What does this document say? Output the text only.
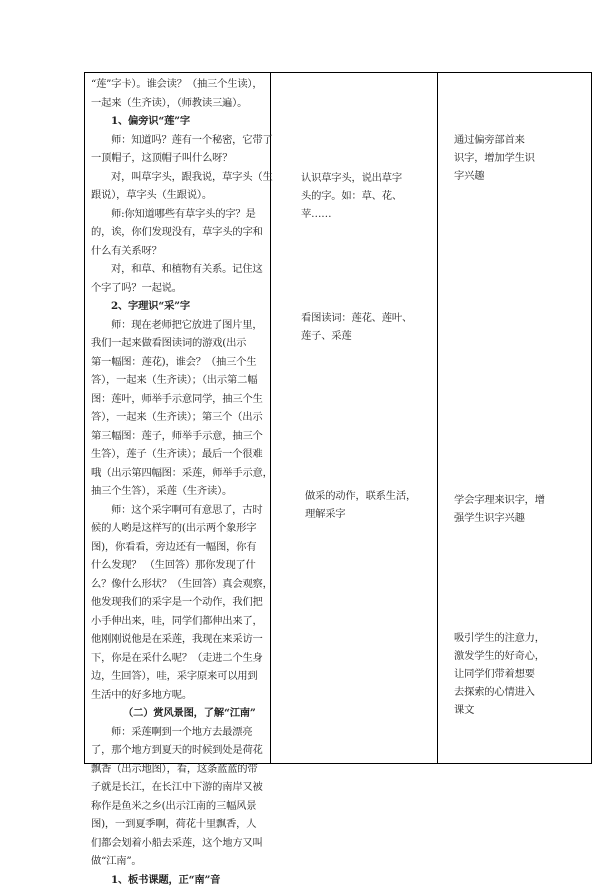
“莲”字卡）。谁会读？（抽三个生读），
一起来（生齐读），（师教读三遍）。
1、偏旁识“莲”字
师：知道吗？莲有一个秘密，它带了
一顶帽子，这顶帽子叫什么呀？
对，叫草字头，跟我说，草字头（生
跟说），草字头（生跟说）。
师:你知道哪些有草字头的字？是
的，诶，你们发现没有，草字头的字和
什么有关系呀？
对，和草、和植物有关系。记住这
个字了吗？一起说。
2、字理识“采”字
师：现在老师把它放进了图片里，
我们一起来做看图读词的游戏(出示
第一幅图：莲花)，谁会？（抽三个生
答），一起来（生齐读）；（出示第二幅
图：莲叶，师举手示意同学，抽三个生
答），一起来（生齐读）；第三个（出示
第三幅图：莲子，师举手示意，抽三个
生答），莲子（生齐读）；最后一个很难
哦（出示第四幅图：采莲，师举手示意，
抽三个生答），采莲（生齐读）。
师：这个采字啊可有意思了，古时
候的人哟是这样写的(出示两个象形字
图)，你看看，旁边还有一幅图，你有
什么发现？ （生回答）那你发现了什
么？像什么形状？（生回答）真会观察，
他发现我们的采字是一个动作，我们把
小手伸出来，哇，同学们都伸出来了，
他刚刚说他是在采莲，我现在来采访一
下，你是在采什么呢？（走进二个生身
边，生回答），哇，采字原来可以用到
生活中的好多地方呢。
（二）赏风景图，了解“江南”
师：采莲啊到一个地方去最漂亮
了，那个地方到夏天的时候到处是荷花
飘香（出示地图），看，这条蓝蓝的带
子就是长江，在长江中下游的南岸又被
称作是鱼米之乡(出示江南的三幅风景
图)，一到夏季啊，荷花十里飘香，人
们都会划着小船去采莲，这个地方又叫
做“江南”。
1、板书课题，正“南”音
认识草字头，说出草字
头的字。如：草、花、
苹……
看图读词：莲花、莲叶、
莲子、采莲
做采的动作，联系生活，
理解采字
通过偏旁部首来
识字，增加学生识
字兴趣
学会字理来识字，增
强学生识字兴趣
吸引学生的注意力，
激发学生的好奇心，
让同学们带着想要
去探索的心情进入
课文
